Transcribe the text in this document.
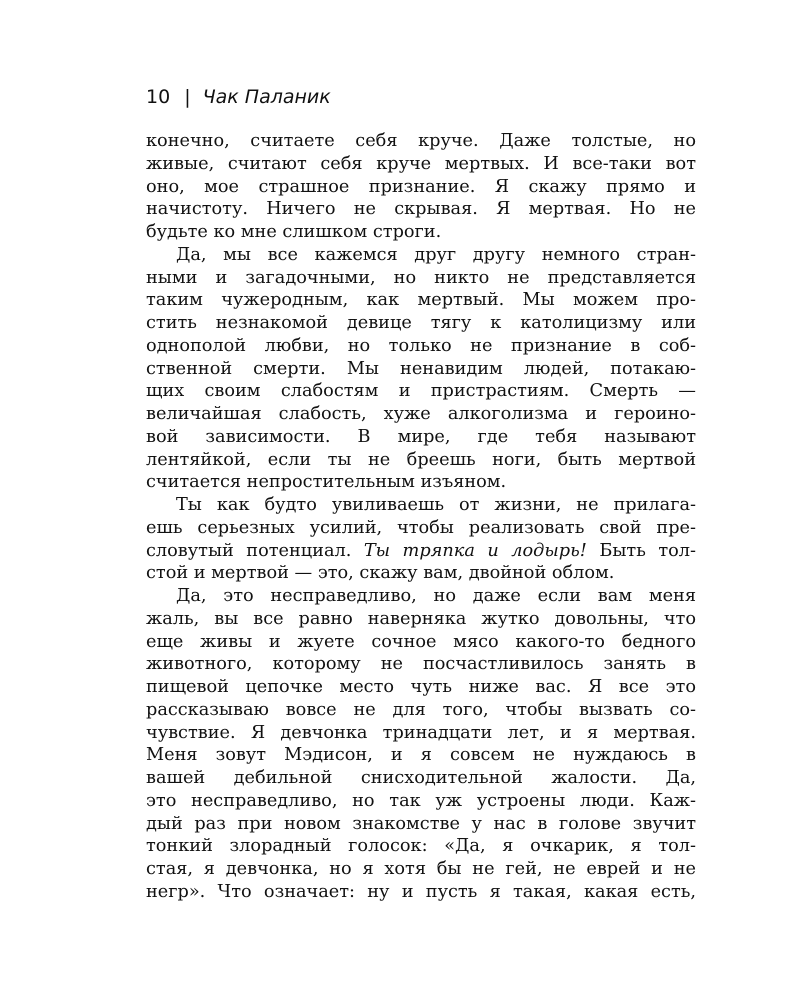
10 | Чак Паланик

конечно, считаете себя круче. Даже толстые, но
живые, считают себя круче мертвых. И все-таки вот
оно, мое страшное признание. Я скажу прямо и
начистоту. Ничего не скрывая. Я мертвая. Но не
будьте ко мне слишком строги.

Да, мы все кажемся друг другу немного стран-
ными и загадочными, но никто не представляется
таким чужеродным, как мертвый. Мы можем про-
стить незнакомой девице тягу к католицизму или
однополой любви, но только не признание в соб-
ственной смерти. Мы ненавидим людей, потакаю-
щих своим слабостям и пристрастиям. Смерть —
величайшая слабость, хуже алкоголизма и героино-
вой зависимости. В мире, где тебя называют
лентяйкой, если ты не бреешь ноги, быть мертвой
считается непростительным изъяном.

Ты как будто увиливаешь от жизни, не прилага-
ешь серьезных усилий, чтобы реализовать свой пре-
словутый потенциал. Ты тряпка и лодырь! Быть тол-
стой и мертвой — это, скажу вам, двойной облом.

Да, это несправедливо, но даже если вам меня
жаль, вы все равно наверняка жутко довольны, что
еще живы и жуете сочное мясо какого-то бедного
животного, которому не посчастливилось занять в
пищевой цепочке место чуть ниже вас. Я все это
рассказываю вовсе не для того, чтобы вызвать со-
чувствие. Я девчонка тринадцати лет, и я мертвая.
Меня зовут Мэдисон, и я совсем не нуждаюсь в
вашей дебильной снисходительной жалости. Да,
это несправедливо, но так уж устроены люди. Каж-
дый раз при новом знакомстве у нас в голове звучит
тонкий злорадный голосок: «Да, я очкарик, я тол-
стая, я девчонка, но я хотя бы не гей, не еврей и не
негр». Что означает: ну и пусть я такая, какая есть,
